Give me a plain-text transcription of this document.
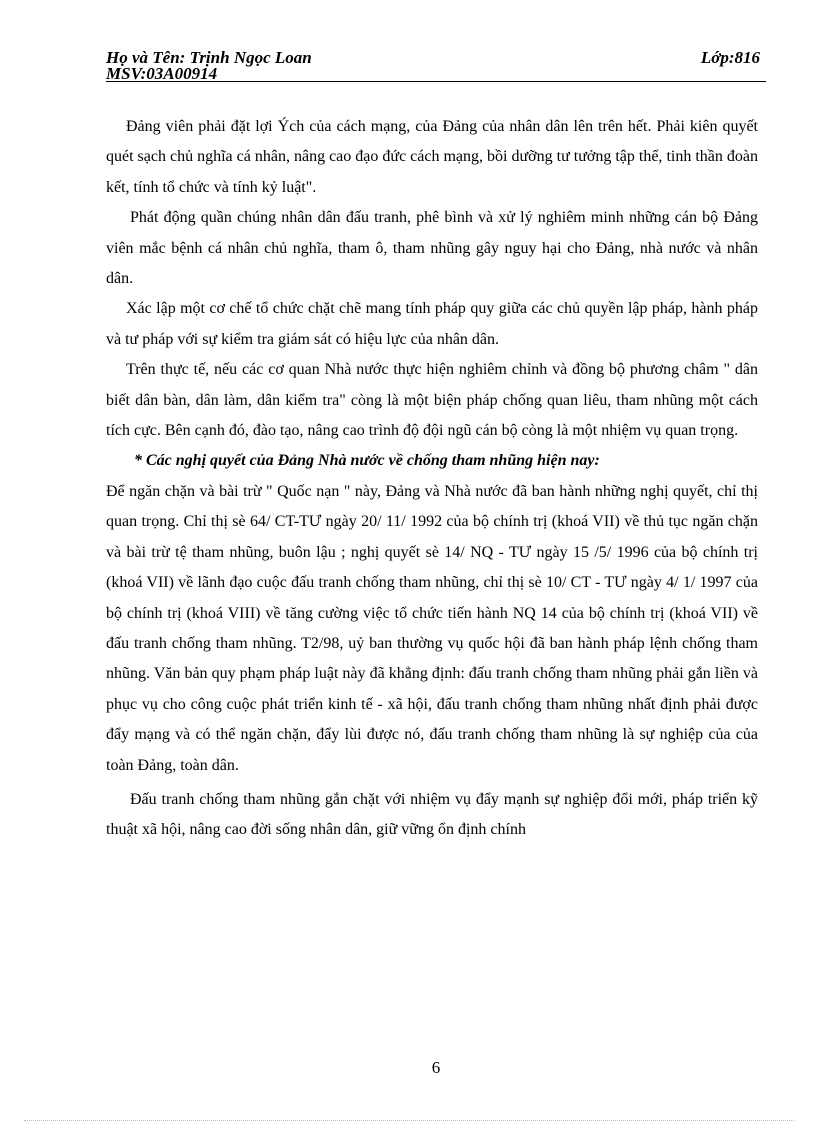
Họ và Tên: Trịnh Ngọc Loan	Lớp:816
MSV:03A00914

Đảng viên phải đặt lợi Ých của cách mạng, của Đảng của nhân dân lên trên hết. Phải kiên quyết quét sạch chủ nghĩa cá nhân, nâng cao đạo đức cách mạng, bồi dưỡng tư tưởng tập thể, tinh thần đoàn kết, tính tổ chức và tính kỷ luật".

Phát động quần chúng nhân dân đấu tranh, phê bình và xử lý nghiêm minh những cán bộ Đảng viên mắc bệnh cá nhân chủ nghĩa, tham ô, tham nhũng gây nguy hại cho Đảng, nhà nước và nhân dân.

Xác lập một cơ chế tổ chức chặt chẽ mang tính pháp quy giữa các chủ quyền lập pháp, hành pháp và tư pháp với sự kiểm tra giám sát có hiệu lực của nhân dân.

Trên thực tế, nếu các cơ quan Nhà nước thực hiện nghiêm chỉnh và đồng bộ phương châm " dân biết dân bàn, dân làm, dân kiểm tra" còng là một biện pháp chống quan liêu, tham nhũng một cách tích cực. Bên cạnh đó, đào tạo, nâng cao trình độ đội ngũ cán bộ còng là một nhiệm vụ quan trọng.

* Các nghị quyết của Đảng Nhà nước về chống tham nhũng hiện nay:

Để ngăn chặn và bài trừ " Quốc nạn " này, Đảng và Nhà nước đã ban hành những nghị quyết, chỉ thị quan trọng. Chỉ thị sè 64/ CT-TƯ ngày 20/ 11/ 1992 của bộ chính trị (khoá VII) về thủ tục ngăn chặn và bài trừ tệ tham nhũng, buôn lậu ; nghị quyết sè 14/ NQ - TƯ ngày 15 /5/ 1996 của bộ chính trị (khoá VII) về lãnh đạo cuộc đấu tranh chống tham nhũng, chỉ thị sè 10/ CT - TƯ ngày 4/ 1/ 1997 của bộ chính trị (khoá VIII) về tăng cường việc tổ chức tiến hành NQ 14 của bộ chính trị (khoá VII) về đấu tranh chống tham nhũng. T2/98, uỷ ban thường vụ quốc hội đã ban hành pháp lệnh chống tham nhũng. Văn bản quy phạm pháp luật này đã khẳng định: đấu tranh chống tham nhũng phải gắn liền và phục vụ cho công cuộc phát triển kinh tế - xã hội, đấu tranh chống tham nhũng nhất định phải được đẩy mạng và có thể ngăn chặn, đẩy lùi được nó, đấu tranh chống tham nhũng là sự nghiệp của của toàn Đảng, toàn dân.

Đấu tranh chống tham nhũng gắn chặt với nhiệm vụ đẩy mạnh sự nghiệp đổi mới, pháp triển kỹ thuật xã hội, nâng cao đời sống nhân dân, giữ vững ổn định chính

6
